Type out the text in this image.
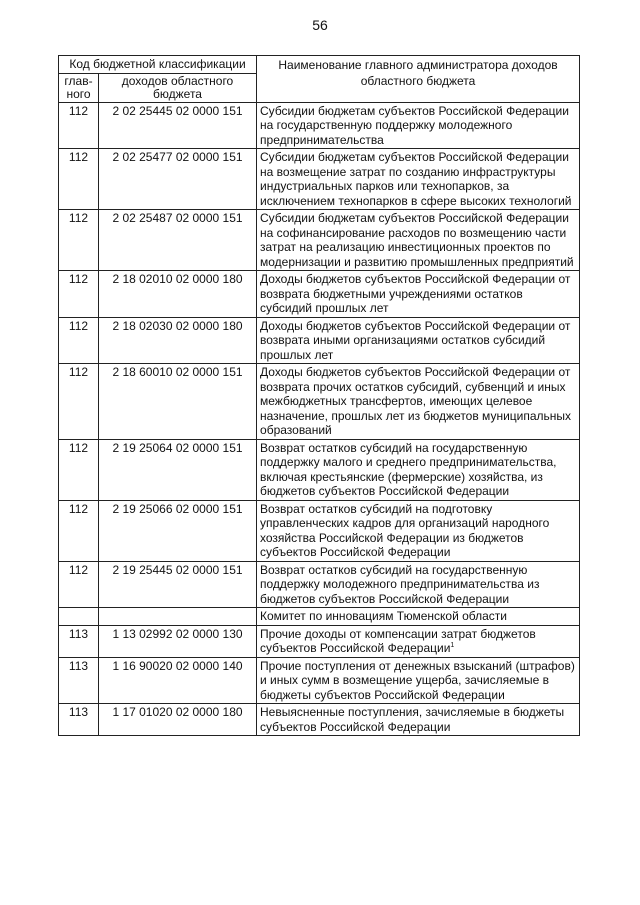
56
Код бюджетной классификации		Наименование главного администратора доходов областного бюджета
глав-
ного	доходов областного бюджета	
112	2 02 25445 02 0000 151	Субсидии бюджетам субъектов Российской Федерации на государственную поддержку молодежного предпринимательства
112	2 02 25477 02 0000 151	Субсидии бюджетам субъектов Российской Федерации на возмещение затрат по созданию инфраструктуры индустриальных парков или технопарков, за исключением технопарков в сфере высоких технологий
112	2 02 25487 02 0000 151	Субсидии бюджетам субъектов Российской Федерации на софинансирование расходов по возмещению части затрат на реализацию инвестиционных проектов по модернизации и развитию промышленных предприятий
112	2 18 02010 02 0000 180	Доходы бюджетов субъектов Российской Федерации от возврата бюджетными учреждениями остатков субсидий прошлых лет
112	2 18 02030 02 0000 180	Доходы бюджетов субъектов Российской Федерации от возврата иными организациями остатков субсидий прошлых лет
112	2 18 60010 02 0000 151	Доходы бюджетов субъектов Российской Федерации от возврата прочих остатков субсидий, субвенций и иных межбюджетных трансфертов, имеющих целевое назначение, прошлых лет из бюджетов муниципальных образований
112	2 19 25064 02 0000 151	Возврат остатков субсидий на государственную поддержку малого и среднего предпринимательства, включая крестьянские (фермерские) хозяйства, из бюджетов субъектов Российской Федерации
112	2 19 25066 02 0000 151	Возврат остатков субсидий на подготовку управленческих кадров для организаций народного хозяйства Российской Федерации из бюджетов субъектов Российской Федерации
112	2 19 25445 02 0000 151	Возврат остатков субсидий на государственную поддержку молодежного предпринимательства из бюджетов субъектов Российской Федерации
		Комитет по инновациям Тюменской области
113	1 13 02992 02 0000 130	Прочие доходы от компенсации затрат бюджетов субъектов Российской Федерации$^1$
113	1 16 90020 02 0000 140	Прочие поступления от денежных взысканий (штрафов) и иных сумм в возмещение ущерба, зачисляемые в бюджеты субъектов Российской Федерации
113	1 17 01020 02 0000 180	Невыясненные поступления, зачисляемые в бюджеты субъектов Российской Федерации
